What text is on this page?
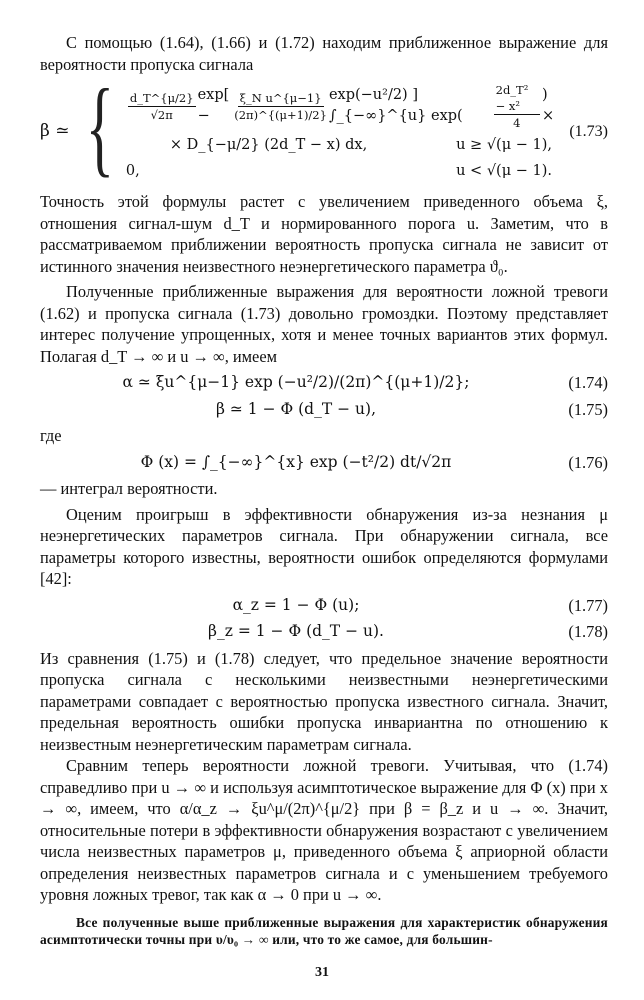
С помощью (1.64), (1.66) и (1.72) находим приближенное выражение для вероятности пропуска сигнала

β ≃ { $\frac{d\_T\^{}\{\mu/2\}}{√2\pi} \exp$[ −	$\frac{\text{ξ\_N u\textasciicircum{}\{μ−1\}}}{(2\pi)\^{}\{(\mu+1)/2\}} \exp(-u^2/2)$ ] ∫_{−∞}^{u} exp(	$\frac{\text{2d\_T² − x²}}{4}$ ) ×
× D_{−μ/2} (2d_T − x) dx,	u ≥ √(μ − 1),
0,	u < √(μ − 1).
(1.73)

Точность этой формулы растет с увеличением приведенного объема ξ, отношения сигнал-шум d_T и нормированного порога u. Заметим, что в рассматриваемом приближении вероятность пропуска сигнала не зависит от истинного значения неизвестного неэнергетического параметра ϑ₀.

Полученные приближенные выражения для вероятности ложной тревоги (1.62) и пропуска сигнала (1.73) довольно громоздки. Поэтому представляет интерес получение упрощенных, хотя и менее точных вариантов этих формул. Полагая d_T → ∞ и u → ∞, имеем

α ≃ ξu^{μ−1} exp (−u²/2)/(2π)^{(μ+1)/2};	(1.74)
β ≃ 1 − Φ (d_T − u),	(1.75)

где

Φ (x) = ∫_{−∞}^{x} exp (−t²/2) dt/√2π	(1.76)

— интеграл вероятности.

Оценим проигрыш в эффективности обнаружения из-за незнания μ неэнергетических параметров сигнала. При обнаружении сигнала, все параметры которого известны, вероятности ошибок определяются формулами [42]:

α_z = 1 − Φ (u);	(1.77)
β_z = 1 − Φ (d_T − u).	(1.78)

Из сравнения (1.75) и (1.78) следует, что предельное значение вероятности пропуска сигнала с несколькими неизвестными неэнергетическими параметрами совпадает с вероятностью пропуска известного сигнала. Значит, предельная вероятность ошибки пропуска инвариантна по отношению к неизвестным неэнергетическим параметрам сигнала.

Сравним теперь вероятности ложной тревоги. Учитывая, что (1.74) справедливо при u → ∞ и используя асимптотическое выражение для Φ (x) при x → ∞, имеем, что α/α_z → ξu^μ/(2π)^{μ/2} при β = β_z и u → ∞. Значит, относительные потери в эффективности обнаружения возрастают с увеличением числа неизвестных параметров μ, приведенного объема ξ априорной области определения неизвестных параметров сигнала и с уменьшением требуемого уровня ложных тревог, так как α → 0 при u → ∞.

Все полученные выше приближенные выражения для характеристик обнаружения асимптотически точны при υ/υ₀ → ∞ или, что то же самое, для большин-

31
